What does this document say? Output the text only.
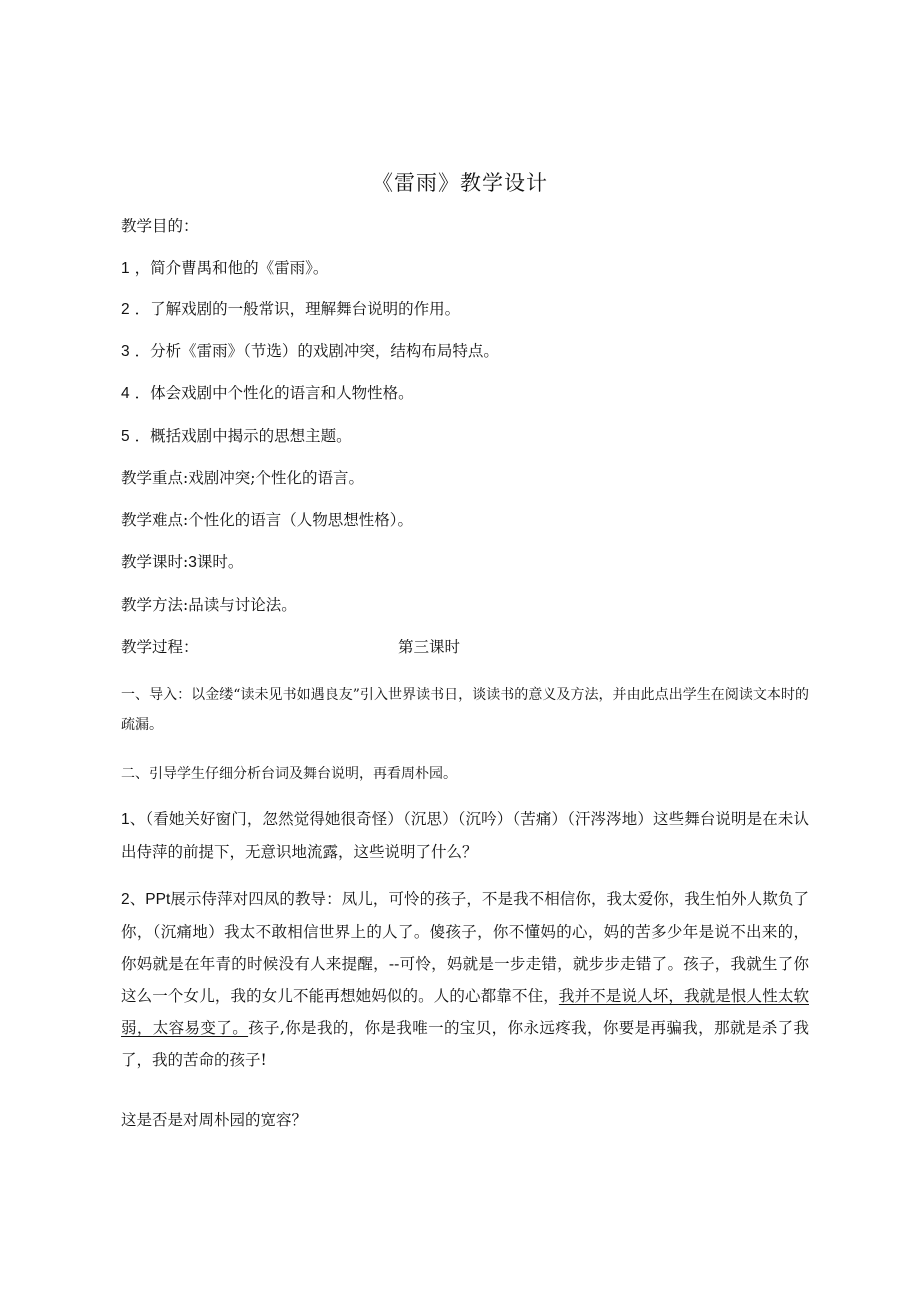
《雷雨》教学设计
教学目的：
1 ，简介曹禺和他的《雷雨》。
2 ．了解戏剧的一般常识，理解舞台说明的作用。
3 ．分析《雷雨》（节选）的戏剧冲突，结构布局特点。
4 ．体会戏剧中个性化的语言和人物性格。
5 ．概括戏剧中揭示的思想主题。
教学重点:戏剧冲突;个性化的语言。
教学难点:个性化的语言（人物思想性格）。
教学课时:3课时。
教学方法:品读与讨论法。
教学过程：	第三课时

一、导入：以金缕“读未见书如遇良友”引入世界读书日，谈读书的意义及方法，并由此点出学生在阅读文本时的疏漏。

二、引导学生仔细分析台词及舞台说明，再看周朴园。

1、（看她关好窗门，忽然觉得她很奇怪）（沉思）（沉吟）（苦痛）（汗涔涔地）这些舞台说明是在未认出侍萍的前提下，无意识地流露，这些说明了什么？

2、PPt展示侍萍对四凤的教导：凤儿，可怜的孩子，不是我不相信你，我太爱你，我生怕外人欺负了你，（沉痛地）我太不敢相信世界上的人了。傻孩子，你不懂妈的心，妈的苦多少年是说不出来的，你妈就是在年青的时候没有人来提醒，--可怜，妈就是一步走错，就步步走错了。孩子，我就生了你这么一个女儿，我的女儿不能再想她妈似的。人的心都靠不住，我并不是说人坏，我就是恨人性太软弱，太容易变了。孩子,你是我的，你是我唯一的宝贝，你永远疼我，你要是再骗我，那就是杀了我了，我的苦命的孩子!

这是否是对周朴园的宽容？
